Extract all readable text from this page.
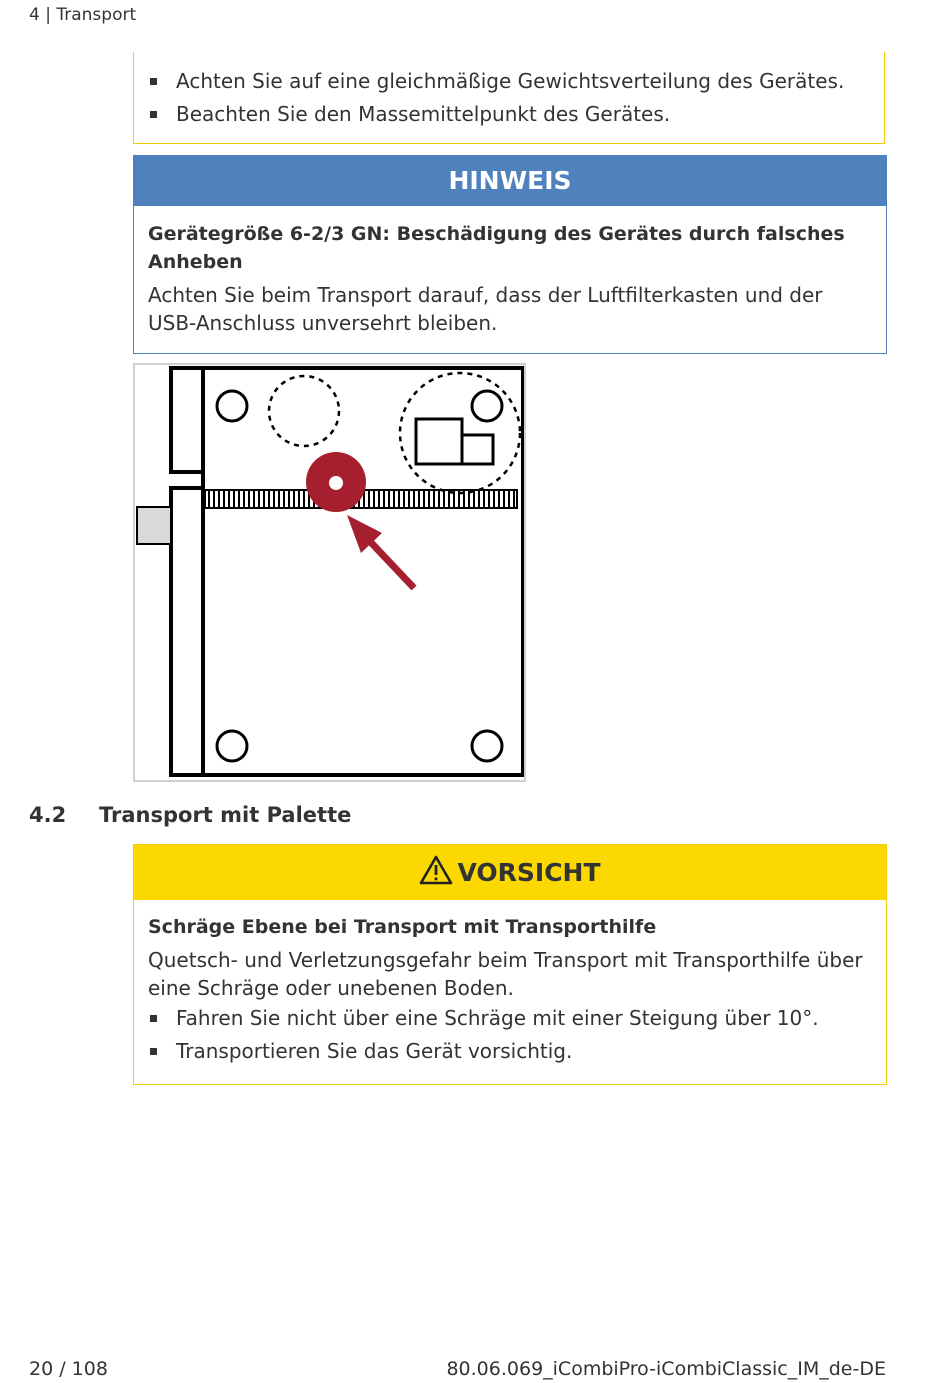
4 | Transport
Achten Sie auf eine gleichmäßige Gewichtsverteilung des Gerätes.
Beachten Sie den Massemittelpunkt des Gerätes.
HINWEIS
Gerätegröße 6-2/3 GN: Beschädigung des Gerätes durch falsches Anheben
Achten Sie beim Transport darauf, dass der Luftfilterkasten und der USB-Anschluss unversehrt bleiben.
4.2 Transport mit Palette
VORSICHT
Schräge Ebene bei Transport mit Transporthilfe
Quetsch- und Verletzungsgefahr beim Transport mit Transporthilfe über eine Schräge oder unebenen Boden.
Fahren Sie nicht über eine Schräge mit einer Steigung über 10°.
Transportieren Sie das Gerät vorsichtig.
20 / 108	80.06.069_iCombiPro-iCombiClassic_IM_de-DE
